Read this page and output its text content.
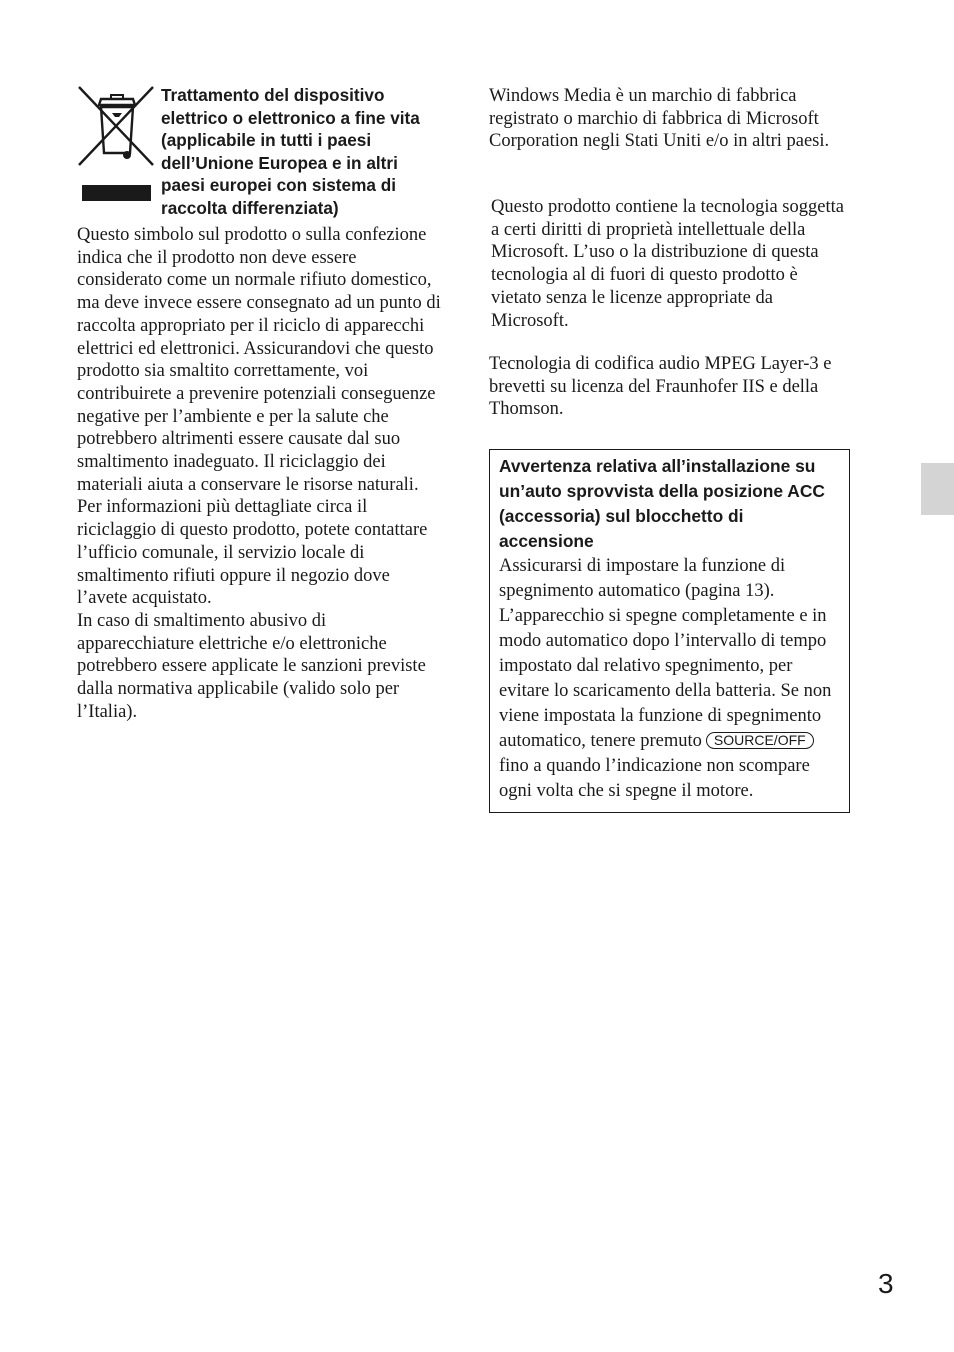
Trattamento del dispositivo elettrico o elettronico a fine vita (applicabile in tutti i paesi dell’Unione Europea e in altri paesi europei con sistema di raccolta differenziata)

Questo simbolo sul prodotto o sulla confezione indica che il prodotto non deve essere considerato come un normale rifiuto domestico, ma deve invece essere consegnato ad un punto di raccolta appropriato per il riciclo di apparecchi elettrici ed elettronici. Assicurandovi che questo prodotto sia smaltito correttamente, voi contribuirete a prevenire potenziali conseguenze negative per l’ambiente e per la salute che potrebbero altrimenti essere causate dal suo smaltimento inadeguato. Il riciclaggio dei materiali aiuta a conservare le risorse naturali. Per informazioni più dettagliate circa il riciclaggio di questo prodotto, potete contattare l’ufficio comunale, il servizio locale di smaltimento rifiuti oppure il negozio dove l’avete acquistato.

In caso di smaltimento abusivo di apparecchiature elettriche e/o elettroniche potrebbero essere applicate le sanzioni previste dalla normativa applicabile (valido solo per l’Italia).

Windows Media è un marchio di fabbrica registrato o marchio di fabbrica di Microsoft Corporation negli Stati Uniti e/o in altri paesi.

Questo prodotto contiene la tecnologia soggetta a certi diritti di proprietà intellettuale della Microsoft. L’uso o la distribuzione di questa tecnologia al di fuori di questo prodotto è vietato senza le licenze appropriate da Microsoft.

Tecnologia di codifica audio MPEG Layer-3 e brevetti su licenza del Fraunhofer IIS e della Thomson.

Avvertenza relativa all’installazione su un’auto sprovvista della posizione ACC (accessoria) sul blocchetto di accensione

Assicurarsi di impostare la funzione di spegnimento automatico (pagina 13). L’apparecchio si spegne completamente e in modo automatico dopo l’intervallo di tempo impostato dal relativo spegnimento, per evitare lo scaricamento della batteria. Se non viene impostata la funzione di spegnimento automatico, tenere premuto SOURCE/OFFfino a quando l’indicazione non scompare ogni volta che si spegne il motore.

3
